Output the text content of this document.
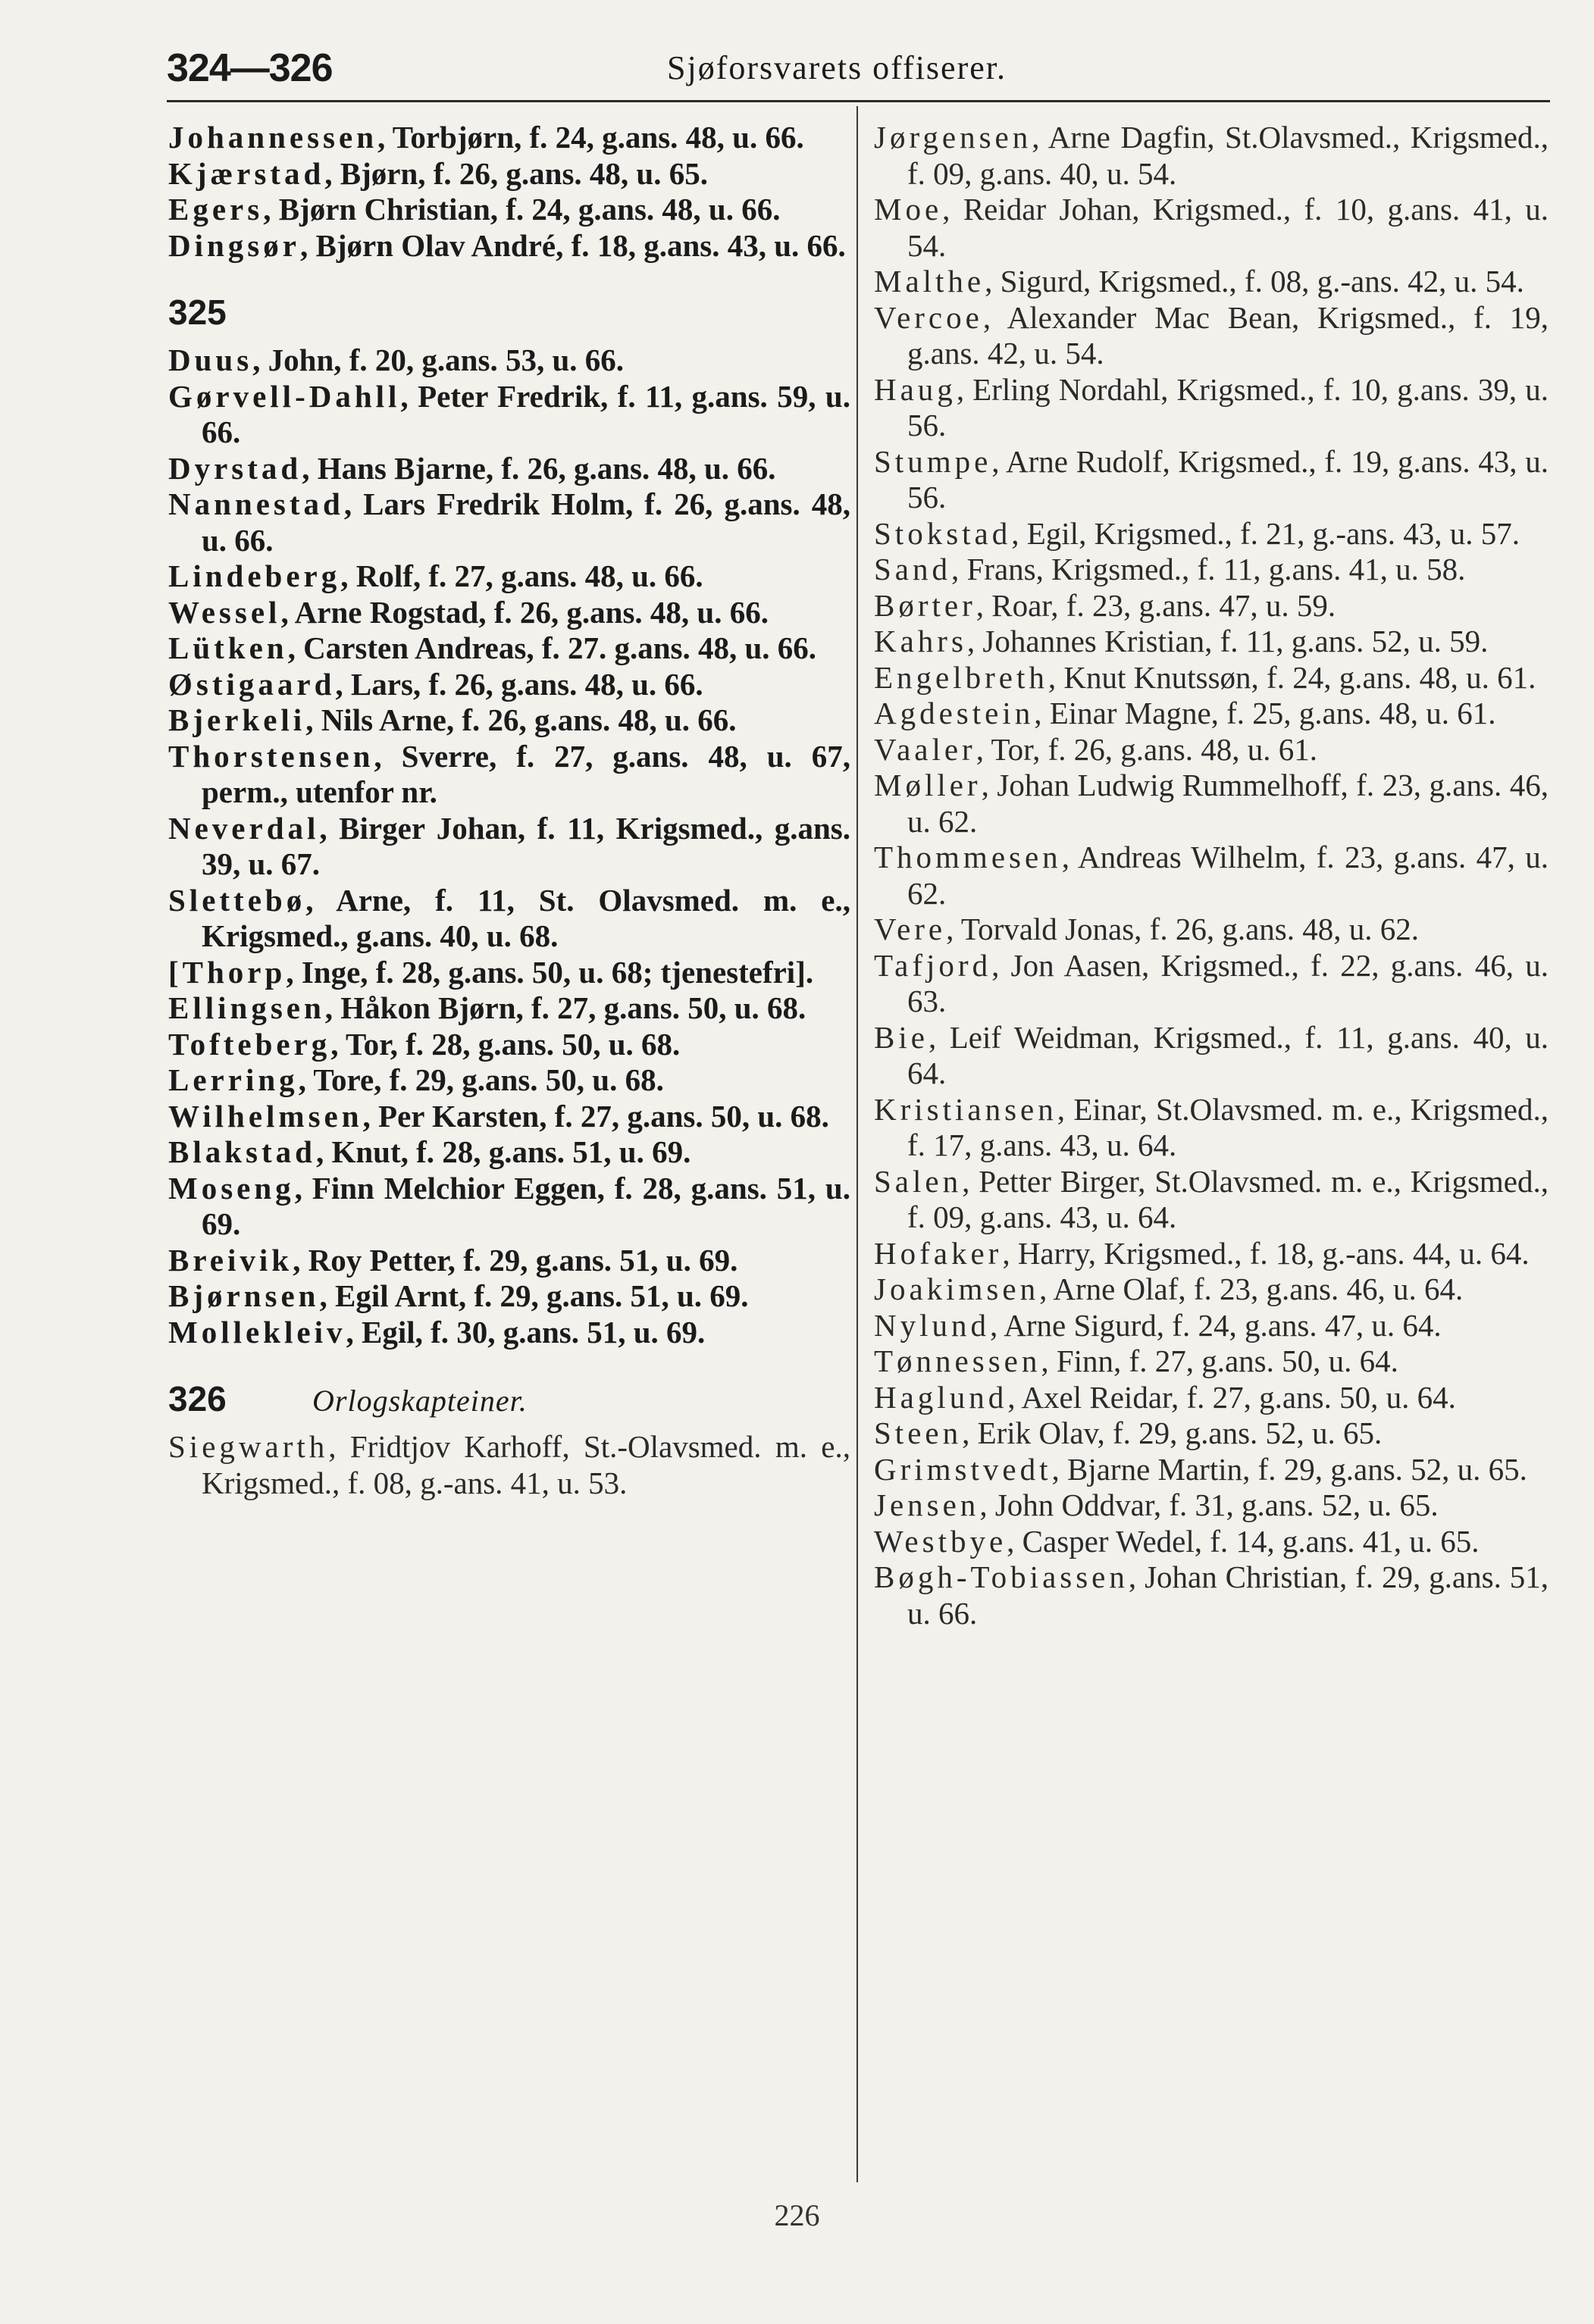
324—326	Sjøforsvarets offiserer.

Johannessen, Torbjørn, f. 24, g.ans. 48, u. 66.

Kjærstad, Bjørn, f. 26, g.ans. 48, u. 65.

Egers, Bjørn Christian, f. 24, g.ans. 48, u. 66.

Dingsør, Bjørn Olav André, f. 18, g.ans. 43, u. 66.

325

Duus, John, f. 20, g.ans. 53, u. 66.

Gørvell-Dahll, Peter Fredrik, f. 11, g.ans. 59, u. 66.

Dyrstad, Hans Bjarne, f. 26, g.ans. 48, u. 66.

Nannestad, Lars Fredrik Holm, f. 26, g.ans. 48, u. 66.

Lindeberg, Rolf, f. 27, g.ans. 48, u. 66.

Wessel, Arne Rogstad, f. 26, g.ans. 48, u. 66.

Lütken, Carsten Andreas, f. 27. g.ans. 48, u. 66.

Østigaard, Lars, f. 26, g.ans. 48, u. 66.

Bjerkeli, Nils Arne, f. 26, g.ans. 48, u. 66.

Thorstensen, Sverre, f. 27, g.ans. 48, u. 67, perm., utenfor nr.

Neverdal, Birger Johan, f. 11, Krigsmed., g.ans. 39, u. 67.

Slettebø, Arne, f. 11, St. Olavsmed. m. e., Krigsmed., g.ans. 40, u. 68.

[Thorp, Inge, f. 28, g.ans. 50, u. 68; tjenestefri].

Ellingsen, Håkon Bjørn, f. 27, g.ans. 50, u. 68.

Tofteberg, Tor, f. 28, g.ans. 50, u. 68.

Lerring, Tore, f. 29, g.ans. 50, u. 68.

Wilhelmsen, Per Karsten, f. 27, g.ans. 50, u. 68.

Blakstad, Knut, f. 28, g.ans. 51, u. 69.

Moseng, Finn Melchior Eggen, f. 28, g.ans. 51, u. 69.

Breivik, Roy Petter, f. 29, g.ans. 51, u. 69.

Bjørnsen, Egil Arnt, f. 29, g.ans. 51, u. 69.

Mollekleiv, Egil, f. 30, g.ans. 51, u. 69.

326	Orlogskapteiner.

Siegwarth, Fridtjov Karhoff, St.-Olavsmed. m. e., Krigsmed., f. 08, g.-ans. 41, u. 53.

Jørgensen, Arne Dagfin, St.Olavsmed., Krigsmed., f. 09, g.ans. 40, u. 54.

Moe, Reidar Johan, Krigsmed., f. 10, g.ans. 41, u. 54.

Malthe, Sigurd, Krigsmed., f. 08, g.-ans. 42, u. 54.

Vercoe, Alexander Mac Bean, Krigsmed., f. 19, g.ans. 42, u. 54.

Haug, Erling Nordahl, Krigsmed., f. 10, g.ans. 39, u. 56.

Stumpe, Arne Rudolf, Krigsmed., f. 19, g.ans. 43, u. 56.

Stokstad, Egil, Krigsmed., f. 21, g.-ans. 43, u. 57.

Sand, Frans, Krigsmed., f. 11, g.ans. 41, u. 58.

Børter, Roar, f. 23, g.ans. 47, u. 59.

Kahrs, Johannes Kristian, f. 11, g.ans. 52, u. 59.

Engelbreth, Knut Knutssøn, f. 24, g.ans. 48, u. 61.

Agdestein, Einar Magne, f. 25, g.ans. 48, u. 61.

Vaaler, Tor, f. 26, g.ans. 48, u. 61.

Møller, Johan Ludwig Rummelhoff, f. 23, g.ans. 46, u. 62.

Thommesen, Andreas Wilhelm, f. 23, g.ans. 47, u. 62.

Vere, Torvald Jonas, f. 26, g.ans. 48, u. 62.

Tafjord, Jon Aasen, Krigsmed., f. 22, g.ans. 46, u. 63.

Bie, Leif Weidman, Krigsmed., f. 11, g.ans. 40, u. 64.

Kristiansen, Einar, St.Olavsmed. m. e., Krigsmed., f. 17, g.ans. 43, u. 64.

Salen, Petter Birger, St.Olavsmed. m. e., Krigsmed., f. 09, g.ans. 43, u. 64.

Hofaker, Harry, Krigsmed., f. 18, g.-ans. 44, u. 64.

Joakimsen, Arne Olaf, f. 23, g.ans. 46, u. 64.

Nylund, Arne Sigurd, f. 24, g.ans. 47, u. 64.

Tønnessen, Finn, f. 27, g.ans. 50, u. 64.

Haglund, Axel Reidar, f. 27, g.ans. 50, u. 64.

Steen, Erik Olav, f. 29, g.ans. 52, u. 65.

Grimstvedt, Bjarne Martin, f. 29, g.ans. 52, u. 65.

Jensen, John Oddvar, f. 31, g.ans. 52, u. 65.

Westbye, Casper Wedel, f. 14, g.ans. 41, u. 65.

Bøgh-Tobiassen, Johan Christian, f. 29, g.ans. 51, u. 66.

226
